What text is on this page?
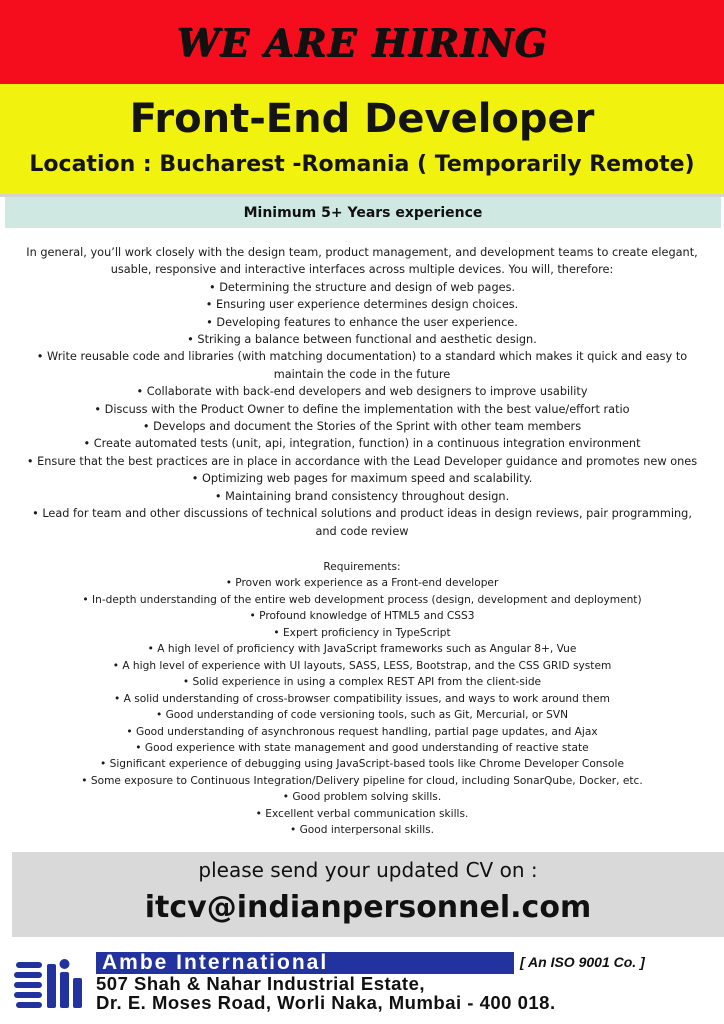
WE ARE HIRING
Front-End Developer
Location : Bucharest -Romania ( Temporarily Remote)
Minimum 5+ Years experience

In general, you’ll work closely with the design team, product management, and development teams to create elegant,

usable, responsive and interactive interfaces across multiple devices. You will, therefore:

• Determining the structure and design of web pages.

• Ensuring user experience determines design choices.

• Developing features to enhance the user experience.

• Striking a balance between functional and aesthetic design.

• Write reusable code and libraries (with matching documentation) to a standard which makes it quick and easy to

maintain the code in the future

• Collaborate with back-end developers and web designers to improve usability

• Discuss with the Product Owner to define the implementation with the best value/effort ratio

• Develops and document the Stories of the Sprint with other team members

• Create automated tests (unit, api, integration, function) in a continuous integration environment

• Ensure that the best practices are in place in accordance with the Lead Developer guidance and promotes new ones

• Optimizing web pages for maximum speed and scalability.

• Maintaining brand consistency throughout design.

• Lead for team and other discussions of technical solutions and product ideas in design reviews, pair programming,

and code review

Requirements:

• Proven work experience as a Front-end developer

• In-depth understanding of the entire web development process (design, development and deployment)

• Profound knowledge of HTML5 and CSS3

• Expert proficiency in TypeScript

• A high level of proficiency with JavaScript frameworks such as Angular 8+, Vue

• A high level of experience with UI layouts, SASS, LESS, Bootstrap, and the CSS GRID system

• Solid experience in using a complex REST API from the client-side

• A solid understanding of cross-browser compatibility issues, and ways to work around them

• Good understanding of code versioning tools, such as Git, Mercurial, or SVN

• Good understanding of asynchronous request handling, partial page updates, and Ajax

• Good experience with state management and good understanding of reactive state

• Significant experience of debugging using JavaScript-based tools like Chrome Developer Console

• Some exposure to Continuous Integration/Delivery pipeline for cloud, including SonarQube, Docker, etc.

• Good problem solving skills.

• Excellent verbal communication skills.

• Good interpersonal skills.

please send your updated CV on :
itcv@indianpersonnel.com
Ambe International	[ An ISO 9001 Co. ]
507 Shah & Nahar Industrial Estate,
Dr. E. Moses Road, Worli Naka, Mumbai - 400 018.
